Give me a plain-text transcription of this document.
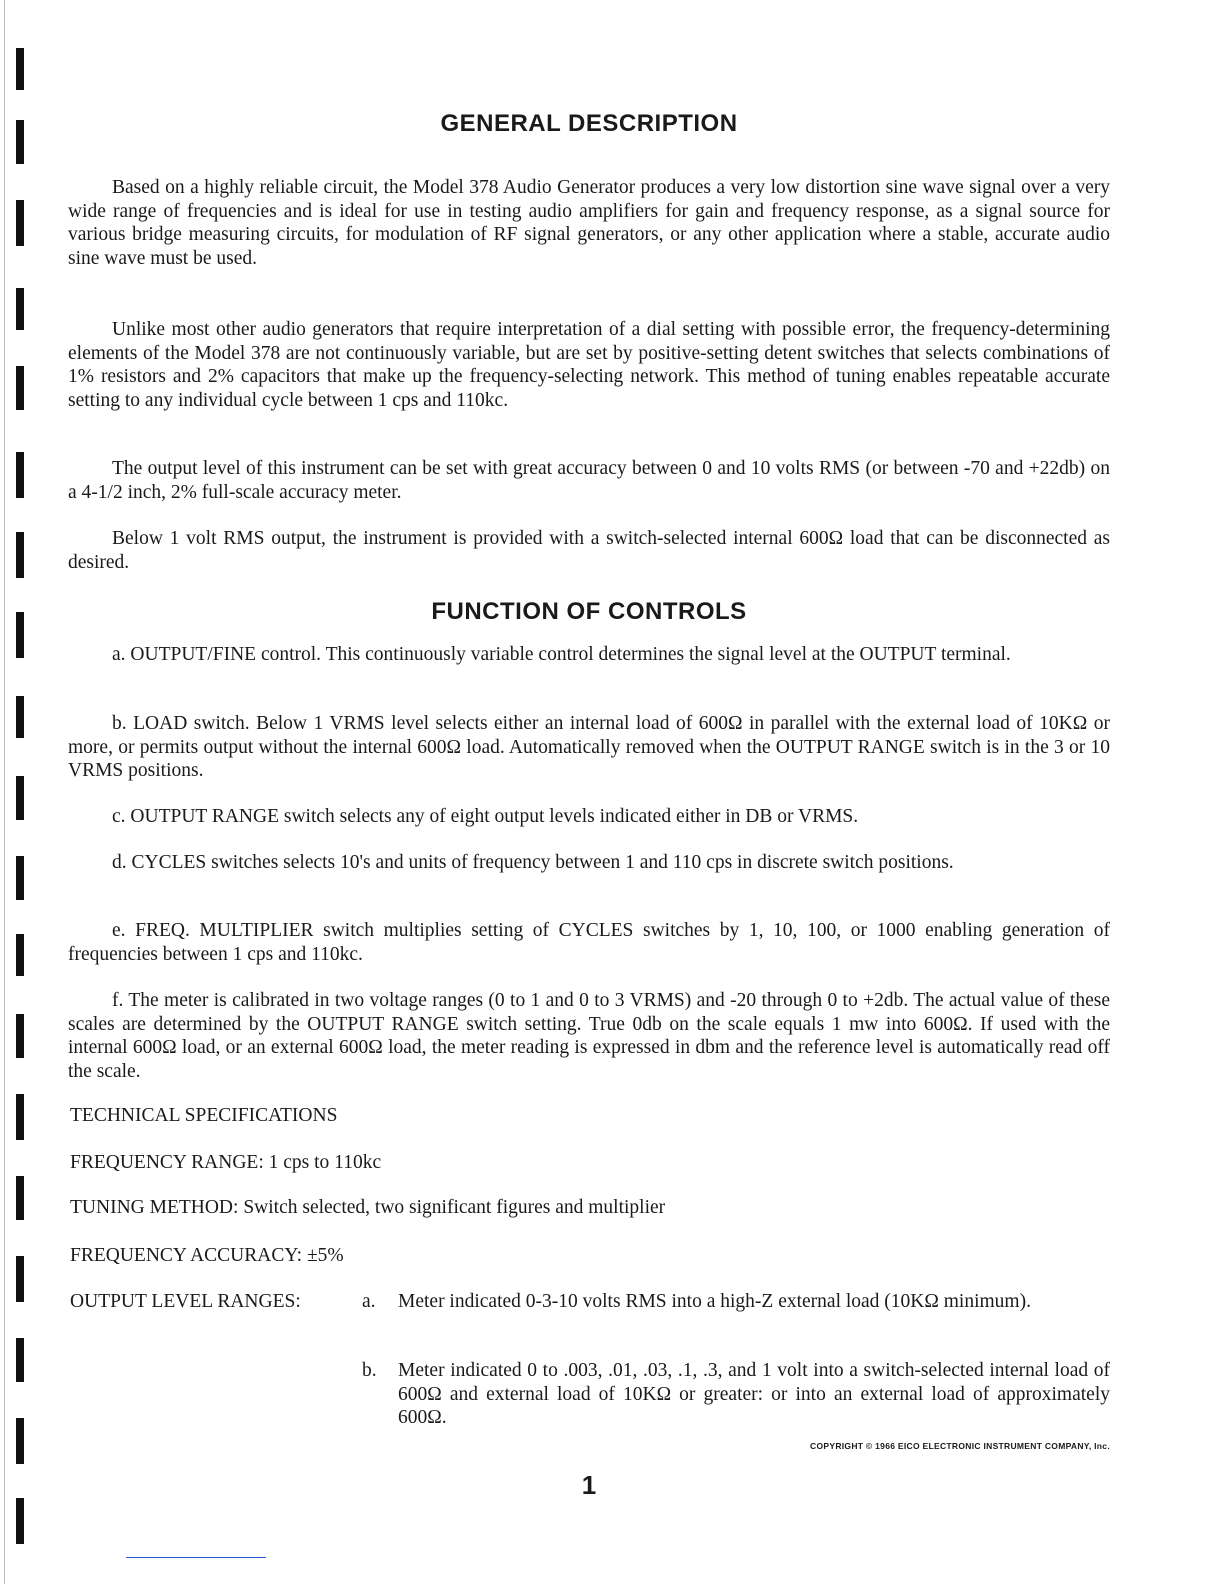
GENERAL DESCRIPTION

Based on a highly reliable circuit, the Model 378 Audio Generator produces a very low distortion sine wave signal over a very wide range of frequencies and is ideal for use in testing audio amplifiers for gain and frequency response, as a signal source for various bridge measuring circuits, for modulation of RF signal generators, or any other application where a stable, accurate audio sine wave must be used.

Unlike most other audio generators that require interpretation of a dial setting with possible error, the frequency-determining elements of the Model 378 are not continuously variable, but are set by positive-setting detent switches that selects combinations of 1% resistors and 2% capacitors that make up the frequency-selecting network. This method of tuning enables repeatable accurate setting to any individual cycle between 1 cps and 110kc.

The output level of this instrument can be set with great accuracy between 0 and 10 volts RMS (or between -70 and +22db) on a 4-1/2 inch, 2% full-scale accuracy meter.

Below 1 volt RMS output, the instrument is provided with a switch-selected internal 600Ω load that can be disconnected as desired.

FUNCTION OF CONTROLS

a. OUTPUT/FINE control. This continuously variable control determines the signal level at the OUTPUT terminal.

b. LOAD switch. Below 1 VRMS level selects either an internal load of 600Ω in parallel with the external load of 10KΩ or more, or permits output without the internal 600Ω load. Automatically removed when the OUTPUT RANGE switch is in the 3 or 10 VRMS positions.

c. OUTPUT RANGE switch selects any of eight output levels indicated either in DB or VRMS.

d. CYCLES switches selects 10's and units of frequency between 1 and 110 cps in discrete switch positions.

e. FREQ. MULTIPLIER switch multiplies setting of CYCLES switches by 1, 10, 100, or 1000 enabling generation of frequencies between 1 cps and 110kc.

f. The meter is calibrated in two voltage ranges (0 to 1 and 0 to 3 VRMS) and -20 through 0 to +2db. The actual value of these scales are determined by the OUTPUT RANGE switch setting. True 0db on the scale equals 1 mw into 600Ω. If used with the internal 600Ω load, or an external 600Ω load, the meter reading is expressed in dbm and the reference level is automatically read off the scale.

TECHNICAL SPECIFICATIONS
FREQUENCY RANGE: 1 cps to 110kc
TUNING METHOD: Switch selected, two significant figures and multiplier
FREQUENCY ACCURACY: ±5%
OUTPUT LEVEL RANGES:	a. Meter indicated 0-3-10 volts RMS into a high-Z external load (10KΩ minimum).

b. Meter indicated 0 to .003, .01, .03, .1, .3, and 1 volt into a switch-selected internal load of 600Ω and external load of 10KΩ or greater: or into an external load of approximately 600Ω.

COPYRIGHT © 1966 EICO ELECTRONIC INSTRUMENT COMPANY, Inc.
1
